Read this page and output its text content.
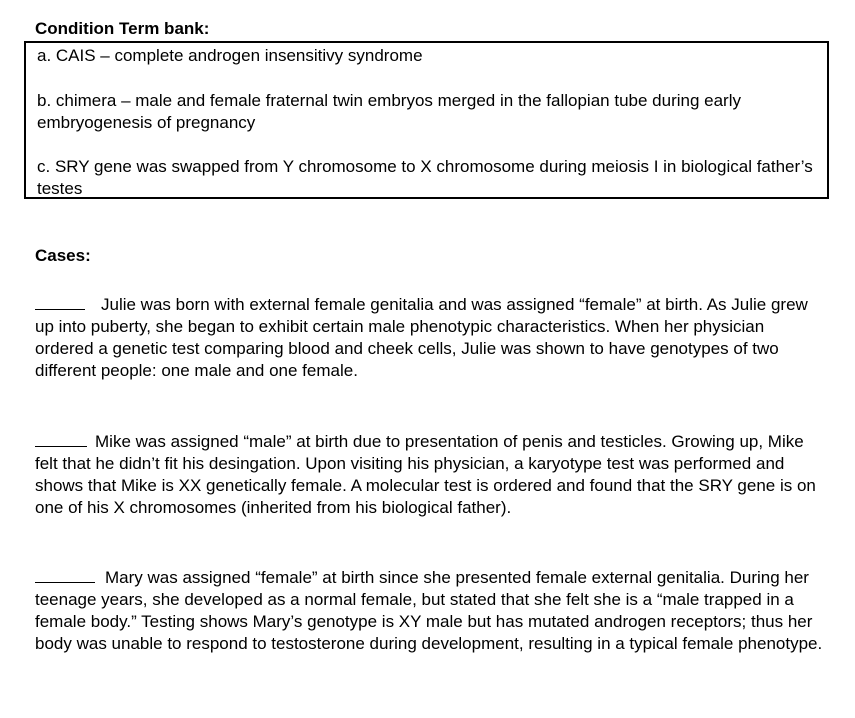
Condition Term bank:
a. CAIS – complete androgen insensitivy syndrome
b. chimera – male and female fraternal twin embryos merged in the fallopian tube during early embryogenesis of pregnancy
c. SRY gene was swapped from Y chromosome to X chromosome during meiosis I in biological father’s testes
Cases:
Julie was born with external female genitalia and was assigned “female” at birth. As Julie grew up into puberty, she began to exhibit certain male phenotypic characteristics. When her physician ordered a genetic test comparing blood and cheek cells, Julie was shown to have genotypes of two different people: one male and one female.
Mike was assigned “male” at birth due to presentation of penis and testicles. Growing up, Mike felt that he didn’t fit his desingation. Upon visiting his physician, a karyotype test was performed and shows that Mike is XX genetically female. A molecular test is ordered and found that the SRY gene is on one of his X chromosomes (inherited from his biological father).
Mary was assigned “female” at birth since she presented female external genitalia. During her teenage years, she developed as a normal female, but stated that she felt she is a “male trapped in a female body.” Testing shows Mary’s genotype is XY male but has mutated androgen receptors; thus her body was unable to respond to testosterone during development, resulting in a typical female phenotype.
